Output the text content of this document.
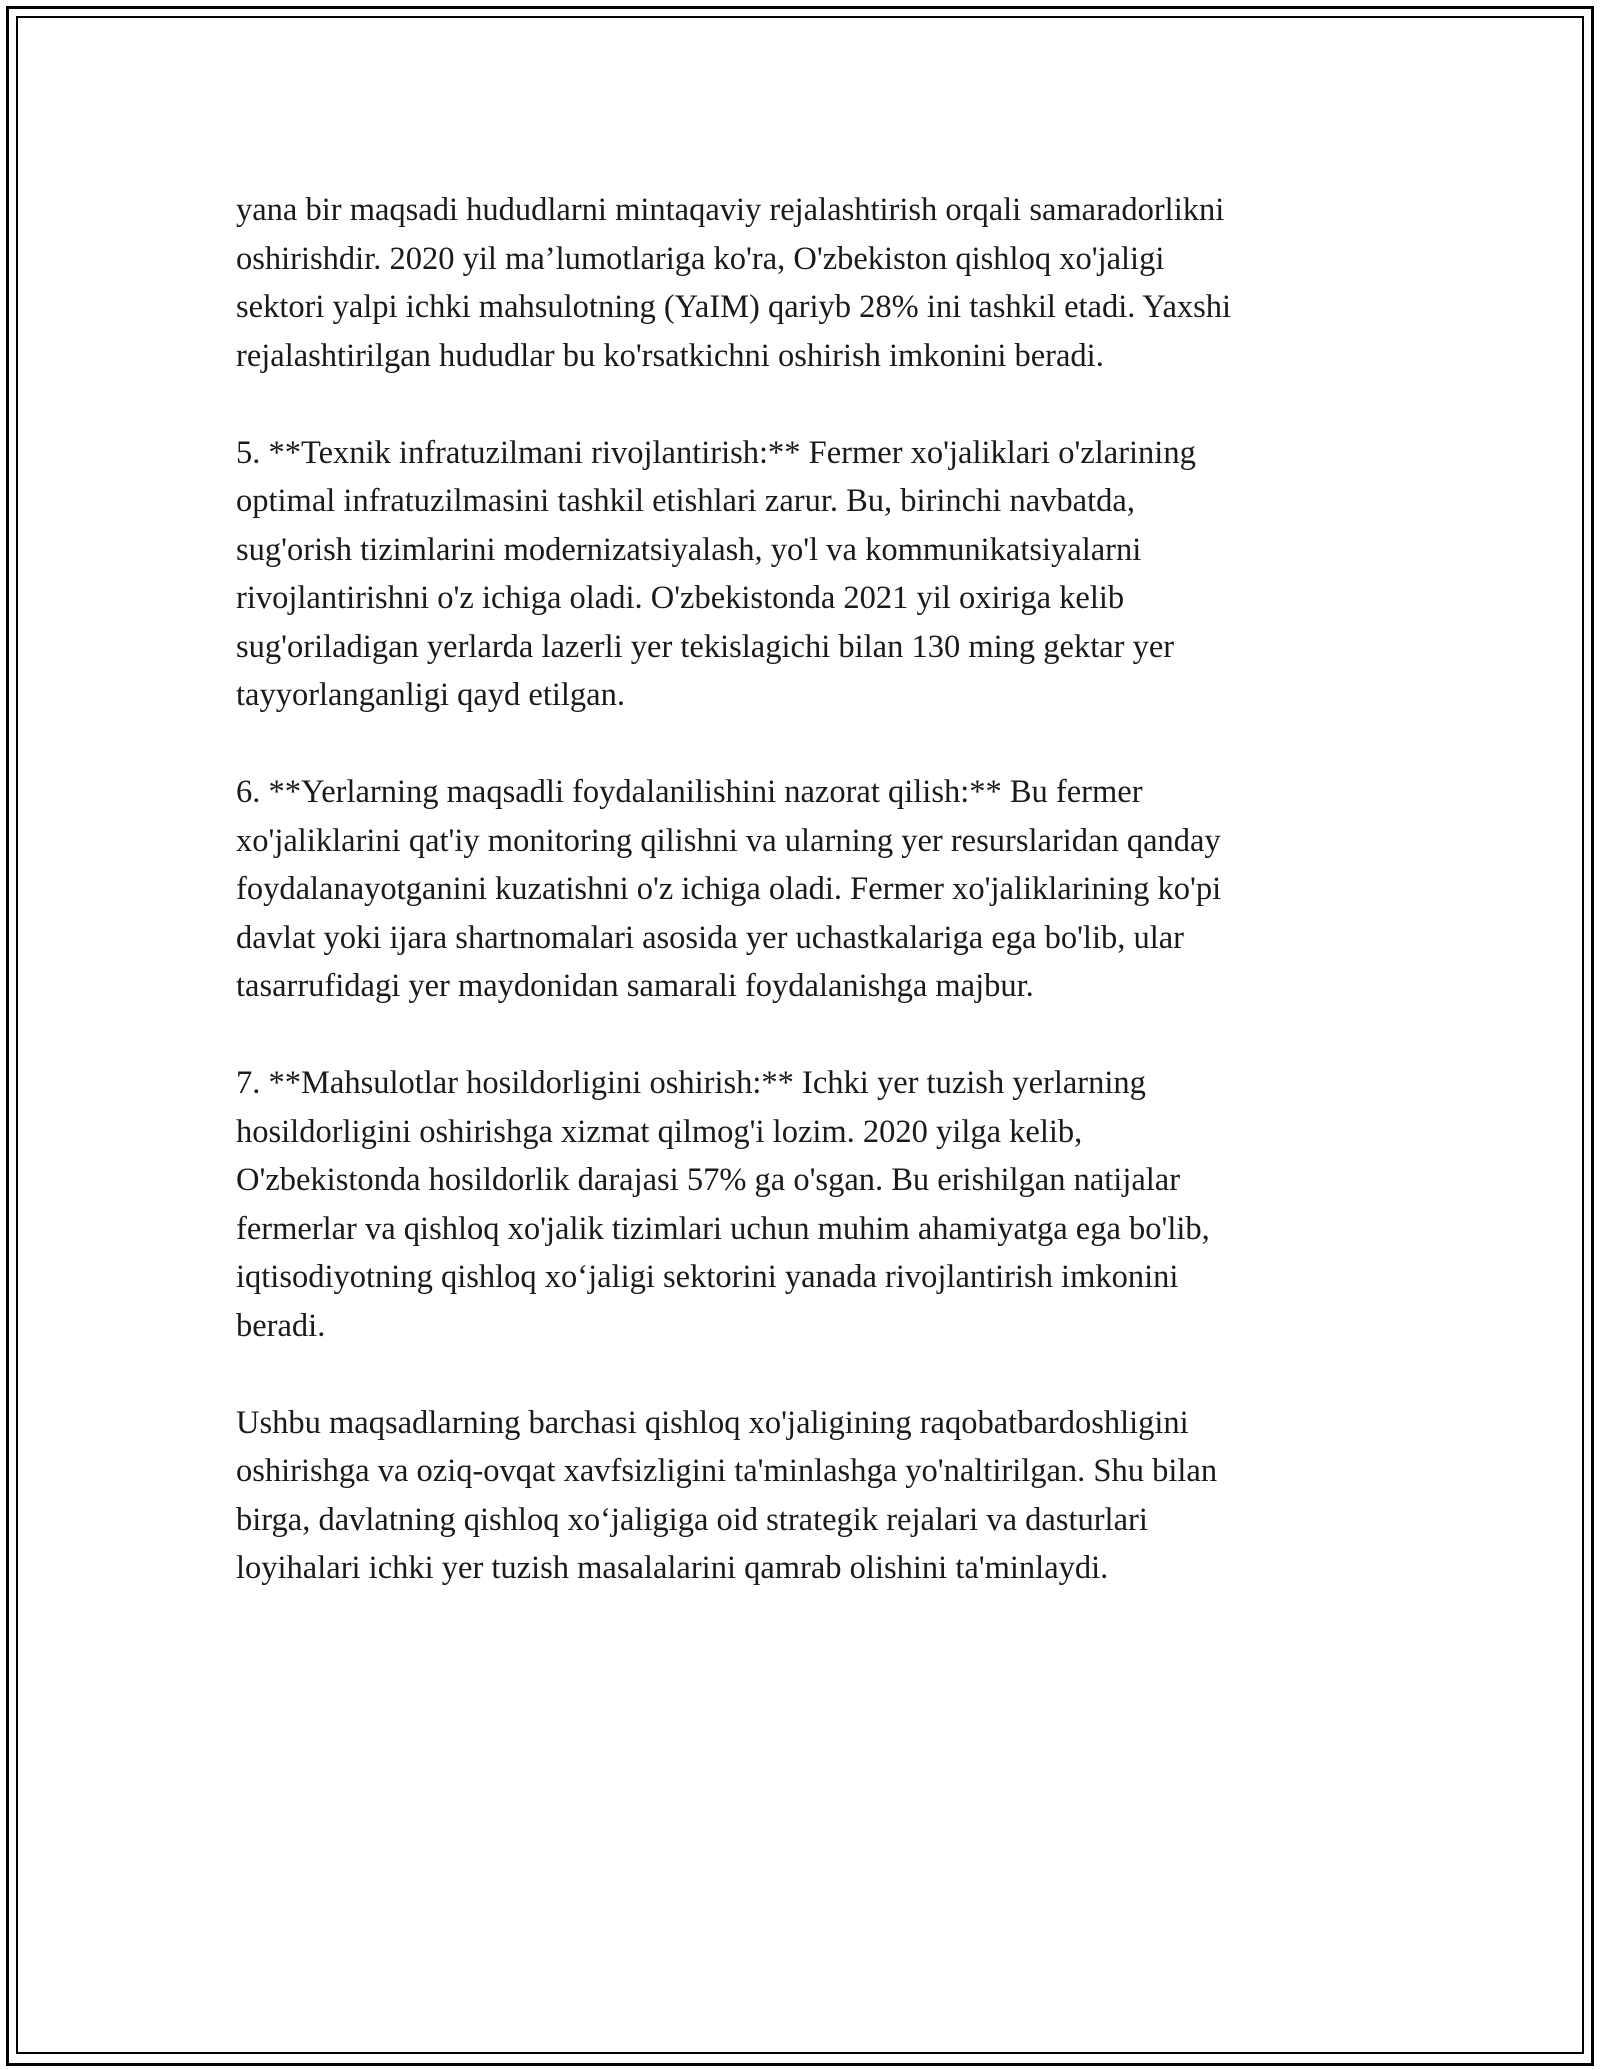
yana bir maqsadi hududlarni mintaqaviy rejalashtirish orqali samaradorlikni
oshirishdir. 2020 yil ma’lumotlariga ko'ra, O'zbekiston qishloq xo'jaligi
sektori yalpi ichki mahsulotning (YaIM) qariyb 28% ini tashkil etadi. Yaxshi
rejalashtirilgan hududlar bu ko'rsatkichni oshirish imkonini beradi.

5. **Texnik infratuzilmani rivojlantirish:** Fermer xo'jaliklari o'zlarining
optimal infratuzilmasini tashkil etishlari zarur. Bu, birinchi navbatda,
sug'orish tizimlarini modernizatsiyalash, yo'l va kommunikatsiyalarni
rivojlantirishni o'z ichiga oladi. O'zbekistonda 2021 yil oxiriga kelib
sug'oriladigan yerlarda lazerli yer tekislagichi bilan 130 ming gektar yer
tayyorlanganligi qayd etilgan.

6. **Yerlarning maqsadli foydalanilishini nazorat qilish:** Bu fermer
xo'jaliklarini qat'iy monitoring qilishni va ularning yer resurslaridan qanday
foydalanayotganini kuzatishni o'z ichiga oladi. Fermer xo'jaliklarining ko'pi
davlat yoki ijara shartnomalari asosida yer uchastkalariga ega bo'lib, ular
tasarrufidagi yer maydonidan samarali foydalanishga majbur.

7. **Mahsulotlar hosildorligini oshirish:** Ichki yer tuzish yerlarning
hosildorligini oshirishga xizmat qilmog'i lozim. 2020 yilga kelib,
O'zbekistonda hosildorlik darajasi 57% ga o'sgan. Bu erishilgan natijalar
fermerlar va qishloq xo'jalik tizimlari uchun muhim ahamiyatga ega bo'lib,
iqtisodiyotning qishloq xo‘jaligi sektorini yanada rivojlantirish imkonini
beradi.

Ushbu maqsadlarning barchasi qishloq xo'jaligining raqobatbardoshligini
oshirishga va oziq-ovqat xavfsizligini ta'minlashga yo'naltirilgan. Shu bilan
birga, davlatning qishloq xo‘jaligiga oid strategik rejalari va dasturlari
loyihalari ichki yer tuzish masalalarini qamrab olishini ta'minlaydi.
